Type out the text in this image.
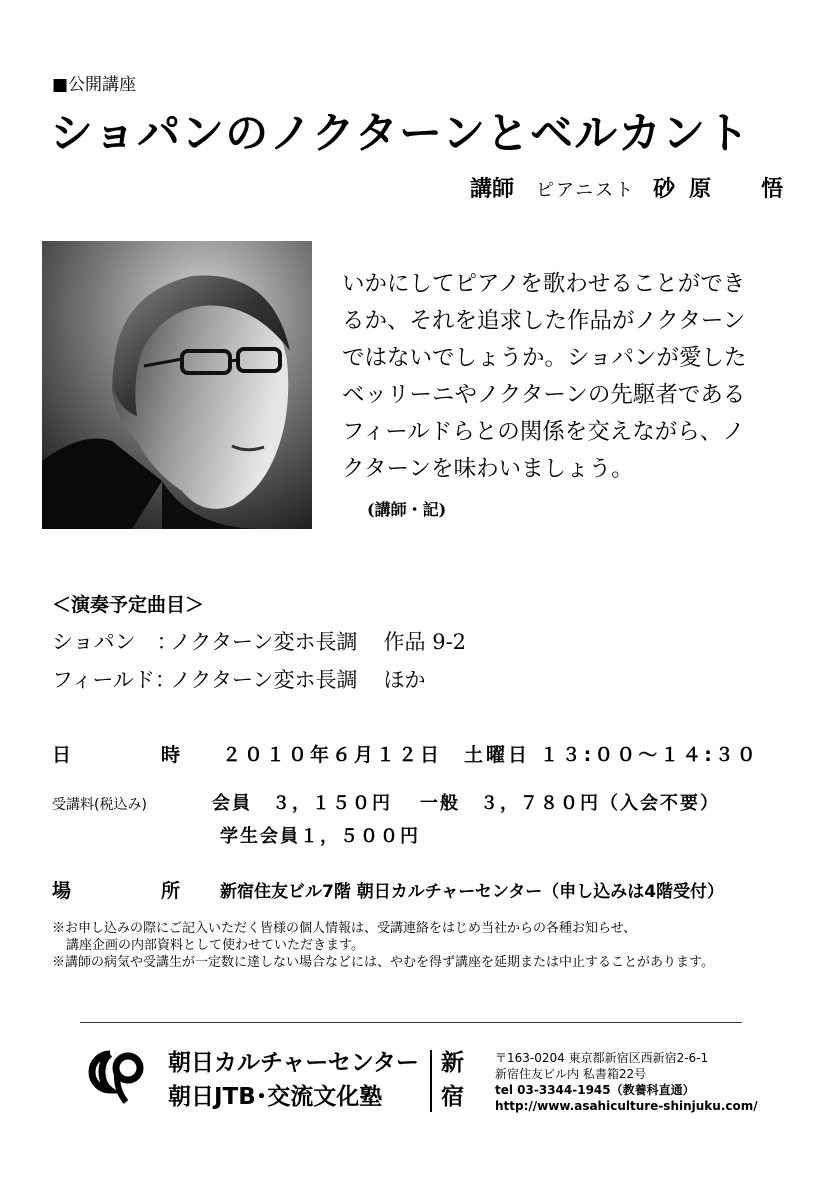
■公開講座
ショパンのノクターンとベルカント
講師 ピアニスト 砂原　悟
いかにしてピアノを歌わせることができ
るか、それを追求した作品がノクターン
ではないでしょうか。ショパンが愛した
ベッリーニやノクターンの先駆者である
フィールドらとの関係を交えながら、ノ
クターンを味わいましょう。
(講師・記)
＜演奏予定曲目＞
ショパン　：ノクターン変ホ長調 作品 9-2
フィールド：ノクターン変ホ長調 ほか
日時２０１０年６月１２日　土曜日 １３:００～１４:３０
受講料(税込み)	会員　３，１５０円 一般　３，７８０円（入会不要）
学生会員１，５００円
場所新宿住友ビル7階 朝日カルチャーセンター（申し込みは4階受付）
※お申し込みの際にご記入いただく皆様の個人情報は、受講連絡をはじめ当社からの各種お知らせ、
講座企画の内部資料として使わせていただきます。
※講師の病気や受講生が一定数に達しない場合などには、やむを得ず講座を延期または中止することがあります。
朝日カルチャーセンター
朝日JTB･交流文化塾
新
宿
〒163-0204 東京都新宿区西新宿2-6-1
新宿住友ビル内 私書箱22号
tel 03-3344-1945（教養科直通）
http://www.asahiculture-shinjuku.com/
